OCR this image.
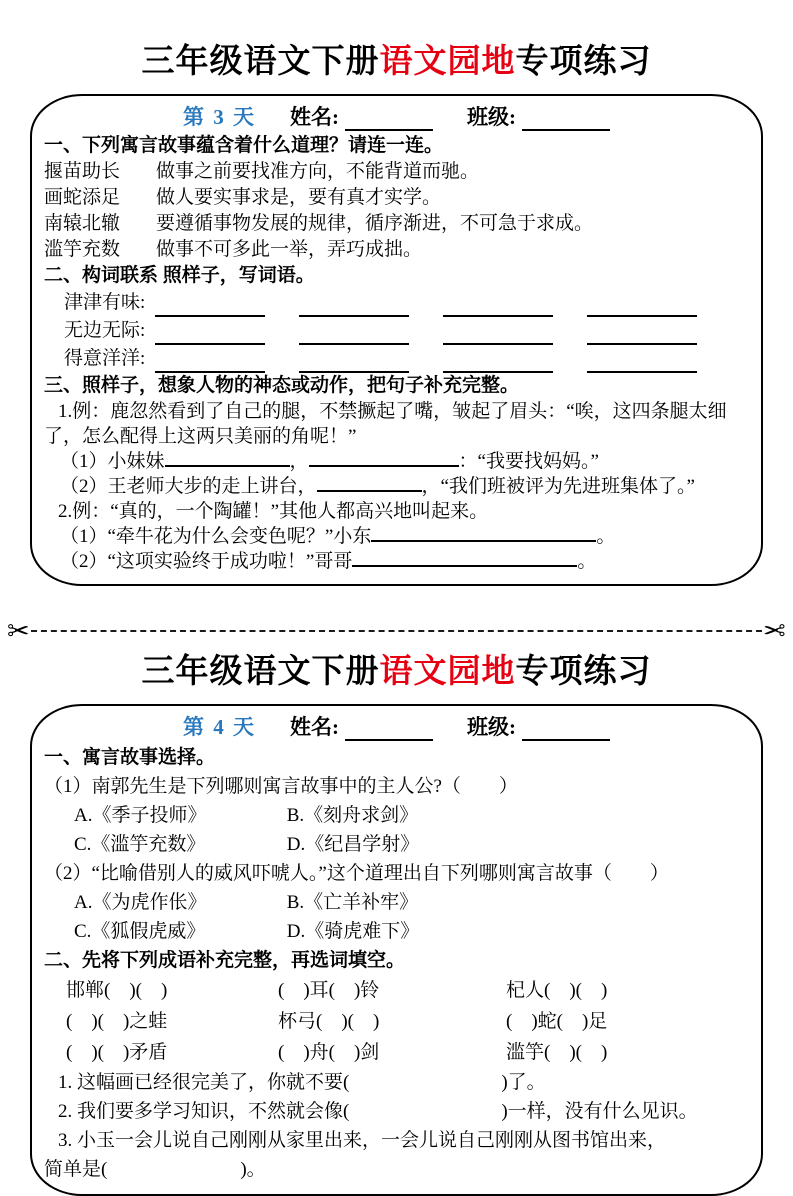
三年级语文下册语文园地专项练习
第 3 天 姓名:	班级:
一、下列寓言故事蕴含着什么道理？请连一连。
揠苗助长	做事之前要找准方向，不能背道而驰。
画蛇添足	做人要实事求是，要有真才实学。
南辕北辙	要遵循事物发展的规律，循序渐进，不可急于求成。
滥竽充数	做事不可多此一举，弄巧成拙。
二、构词联系 照样子，写词语。
津津有味:
无边无际:
得意洋洋:
三、照样子，想象人物的神态或动作，把句子补充完整。

1.例：鹿忽然看到了自己的腿，不禁撅起了嘴，皱起了眉头：“唉，这四条腿太细了，怎么配得上这两只美丽的角呢！”

（1）小妹妹	，	：“我要找妈妈。”
（2）王老师大步的走上讲台，	，“我们班被评为先进班集体了。”

2.例：“真的，一个陶罐！”其他人都高兴地叫起来。

（1）“牵牛花为什么会变色呢？”小东	。
（2）“这项实验终于成功啦！”哥哥	。
✂	✂
三年级语文下册语文园地专项练习
第 4 天 姓名:	班级:
一、寓言故事选择。
（1）南郭先生是下列哪则寓言故事中的主人公?（　　）
A.《季子投师》	B.《刻舟求剑》
C.《滥竽充数》	D.《纪昌学射》
（2）“比喻借别人的威风吓唬人。”这个道理出自下列哪则寓言故事（　　）
A.《为虎作伥》	B.《亡羊补牢》
C.《狐假虎威》	D.《骑虎难下》
二、先将下列成语补充完整，再选词填空。
邯郸(　)(　)	(　)耳(　)铃	杞人(　)(　)
(　)(　)之蛙	杯弓(　)(　)	(　)蛇(　)足
(　)(　)矛盾	(　)舟(　)剑	滥竽(　)(　)
1. 这幅画已经很完美了，你就不要(　　　　　　　　)了。
2. 我们要多学习知识，不然就会像(　　　　　　　　)一样，没有什么见识。
3. 小玉一会儿说自己刚刚从家里出来，一会儿说自己刚刚从图书馆出来，
简单是(　　　　　　　)。
